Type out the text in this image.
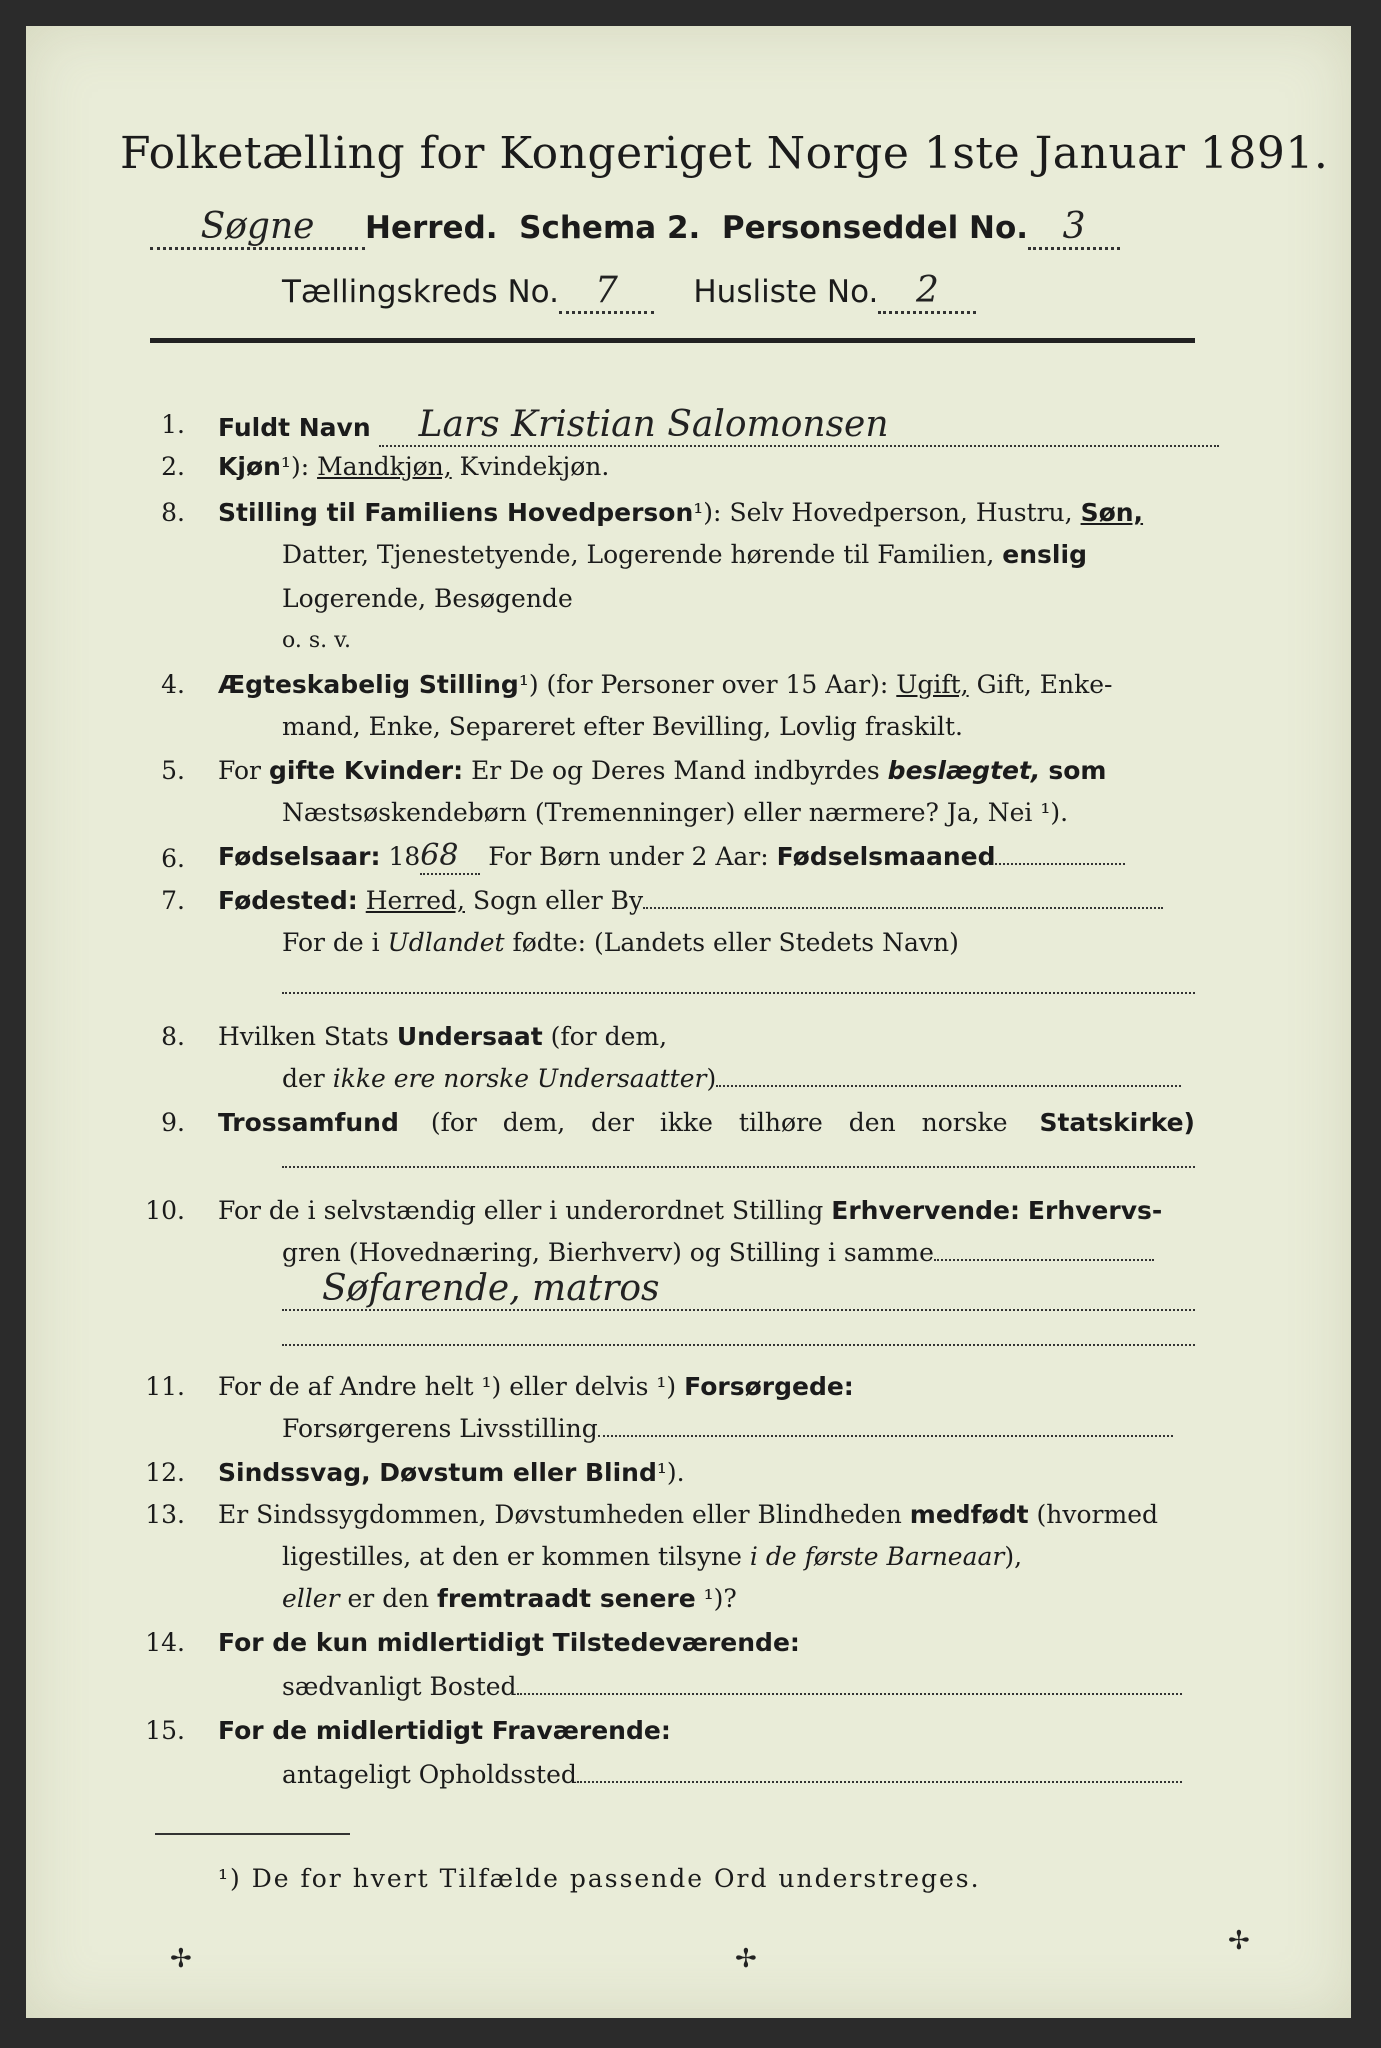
Folketælling for Kongeriget Norge 1ste Januar 1891.
Søgne Herred. Schema 2. Personseddel No. 3
Tællingskreds No. 7 Husliste No. 2
1. Fuldt Navn Lars Kristian Salomonsen
2. Kjøn¹): Mandkjøn, Kvindekjøn.
8. Stilling til Familiens Hovedperson¹): Selv Hovedperson, Hustru, Søn,
Datter, Tjenestetyende, Logerende hørende til Familien, enslig
Logerende, Besøgende
o. s. v.
4. Ægteskabelig Stilling¹) (for Personer over 15 Aar): Ugift, Gift, Enke-
mand, Enke, Separeret efter Bevilling, Lovlig fraskilt.
5. For gifte Kvinder: Er De og Deres Mand indbyrdes beslægtet, som
Næstsøskendebørn (Tremenninger) eller nærmere? Ja, Nei ¹).
6. Fødselsaar: 1868 For Børn under 2 Aar: Fødselsmaaned
7. Fødested: Herred, Sogn eller By
For de i Udlandet fødte: (Landets eller Stedets Navn)
8. Hvilken Stats Undersaat (for dem,
der ikke ere norske Undersaatter)
9. Trossamfund (for dem, der ikke tilhøre den norske Statskirke)
10. For de i selvstændig eller i underordnet Stilling Erhvervende: Erhvervs-
gren (Hovednæring, Bierhverv) og Stilling i samme
Søfarende, matros
11. For de af Andre helt ¹) eller delvis ¹) Forsørgede:
Forsørgerens Livsstilling
12. Sindssvag, Døvstum eller Blind¹).
13. Er Sindssygdommen, Døvstumheden eller Blindheden medfødt (hvormed
ligestilles, at den er kommen tilsyne i de første Barneaar),
eller er den fremtraadt senere ¹)?
14. For de kun midlertidigt Tilstedeværende:
sædvanligt Bosted
15. For de midlertidigt Fraværende:
antageligt Opholdssted
¹) De for hvert Tilfælde passende Ord understreges.
✢	✢
✢
